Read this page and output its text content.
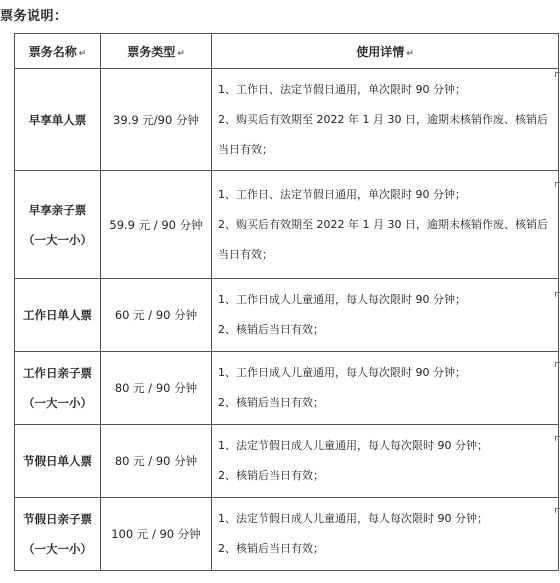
票务说明：
票务名称 ↵	票务类型 ↵	使用详情 ↵

早享单人票	39.9 元/90 分钟	1、工作日、法定节假日通用，单次限时 90 分钟；
2、购买后有效期至 2022 年 1 月 30 日，逾期未核销作废、核销后
当日有效；

早享亲子票
（一大一小）	59.9 元 / 90 分钟	1、工作日、法定节假日通用，单次限时 90 分钟；
2、购买后有效期至 2022 年 1 月 30 日，逾期未核销作废、核销后
当日有效；

工作日单人票	60 元 / 90 分钟	1、工作日成人儿童通用，每人每次限时 90 分钟；
2、核销后当日有效；

工作日亲子票
（一大一小）	80 元 / 90 分钟	1、工作日成人儿童通用，每人每次限时 90 分钟；
2、核销后当日有效；

节假日单人票	80 元 / 90 分钟	1、法定节假日成人儿童通用，每人每次限时 90 分钟；
2、核销后当日有效；

节假日亲子票
（一大一小）	100 元 / 90 分钟	1、法定节假日成人儿童通用，每人每次限时 90 分钟；
2、核销后当日有效；
